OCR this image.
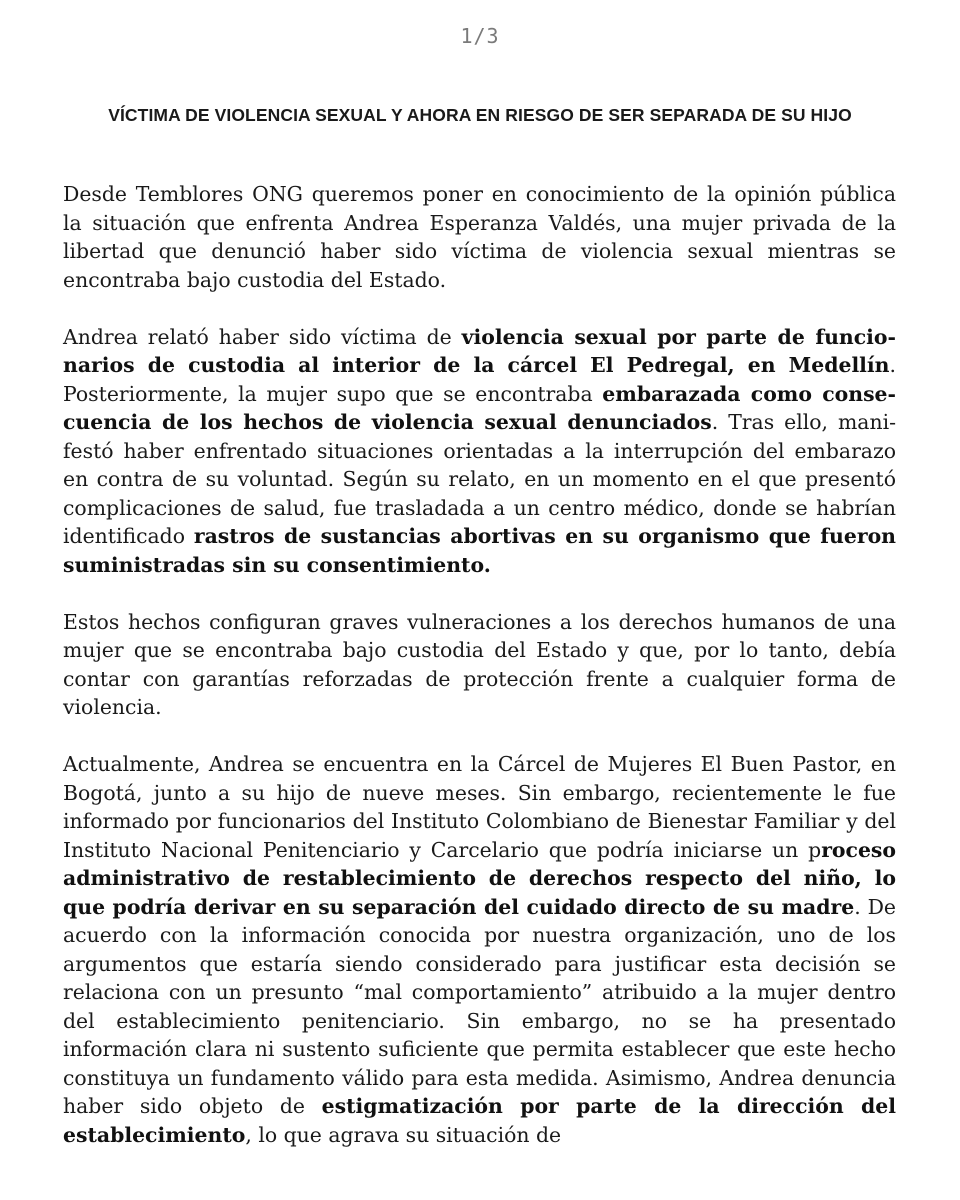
1/3
VÍCTIMA DE VIOLENCIA SEXUAL Y AHORA EN RIESGO DE SER SEPARADA DE SU HIJO

Desde Temblores ONG queremos poner en conocimiento de la opinión pública la situación que enfrenta Andrea Esperanza Valdés, una mujer privada de la libertad que denunció haber sido víctima de violencia sexual mientras se encontraba bajo custodia del Estado.

Andrea relató haber sido víctima de violencia sexual por parte de funcionarios de custodia al interior de la cárcel El Pedregal, en Medellín. Posteriormente, la mujer supo que se encontraba embarazada como consecuencia de los hechos de violencia sexual denunciados. Tras ello, manifestó haber enfrentado situaciones orientadas a la interrupción del embarazo en contra de su voluntad. Según su relato, en un momento en el que presentó complicaciones de salud, fue trasladada a un centro médico, donde se habrían identificado rastros de sustancias abortivas en su organismo que fueron suministradas sin su consentimiento.

Estos hechos configuran graves vulneraciones a los derechos humanos de una mujer que se encontraba bajo custodia del Estado y que, por lo tanto, debía contar con garantías reforzadas de protección frente a cualquier forma de violencia.

Actualmente, Andrea se encuentra en la Cárcel de Mujeres El Buen Pastor, en Bogotá, junto a su hijo de nueve meses. Sin embargo, recientemente le fue informado por funcionarios del Instituto Colombiano de Bienestar Familiar y del Instituto Nacional Penitenciario y Carcelario que podría iniciarse un proceso administrativo de restablecimiento de derechos respecto del niño, lo que podría derivar en su separación del cuidado directo de su madre. De acuerdo con la información conocida por nuestra organización, uno de los argumentos que estaría siendo considerado para justificar esta decisión se relaciona con un presunto “mal comportamiento” atribuido a la mujer dentro del establecimiento penitenciario. Sin embargo, no se ha presentado información clara ni sustento suficiente que permita establecer que este hecho constituya un fundamento válido para esta medida. Asimismo, Andrea denuncia haber sido objeto de estigmatización por parte de la dirección del establecimiento, lo que agrava su situación de
